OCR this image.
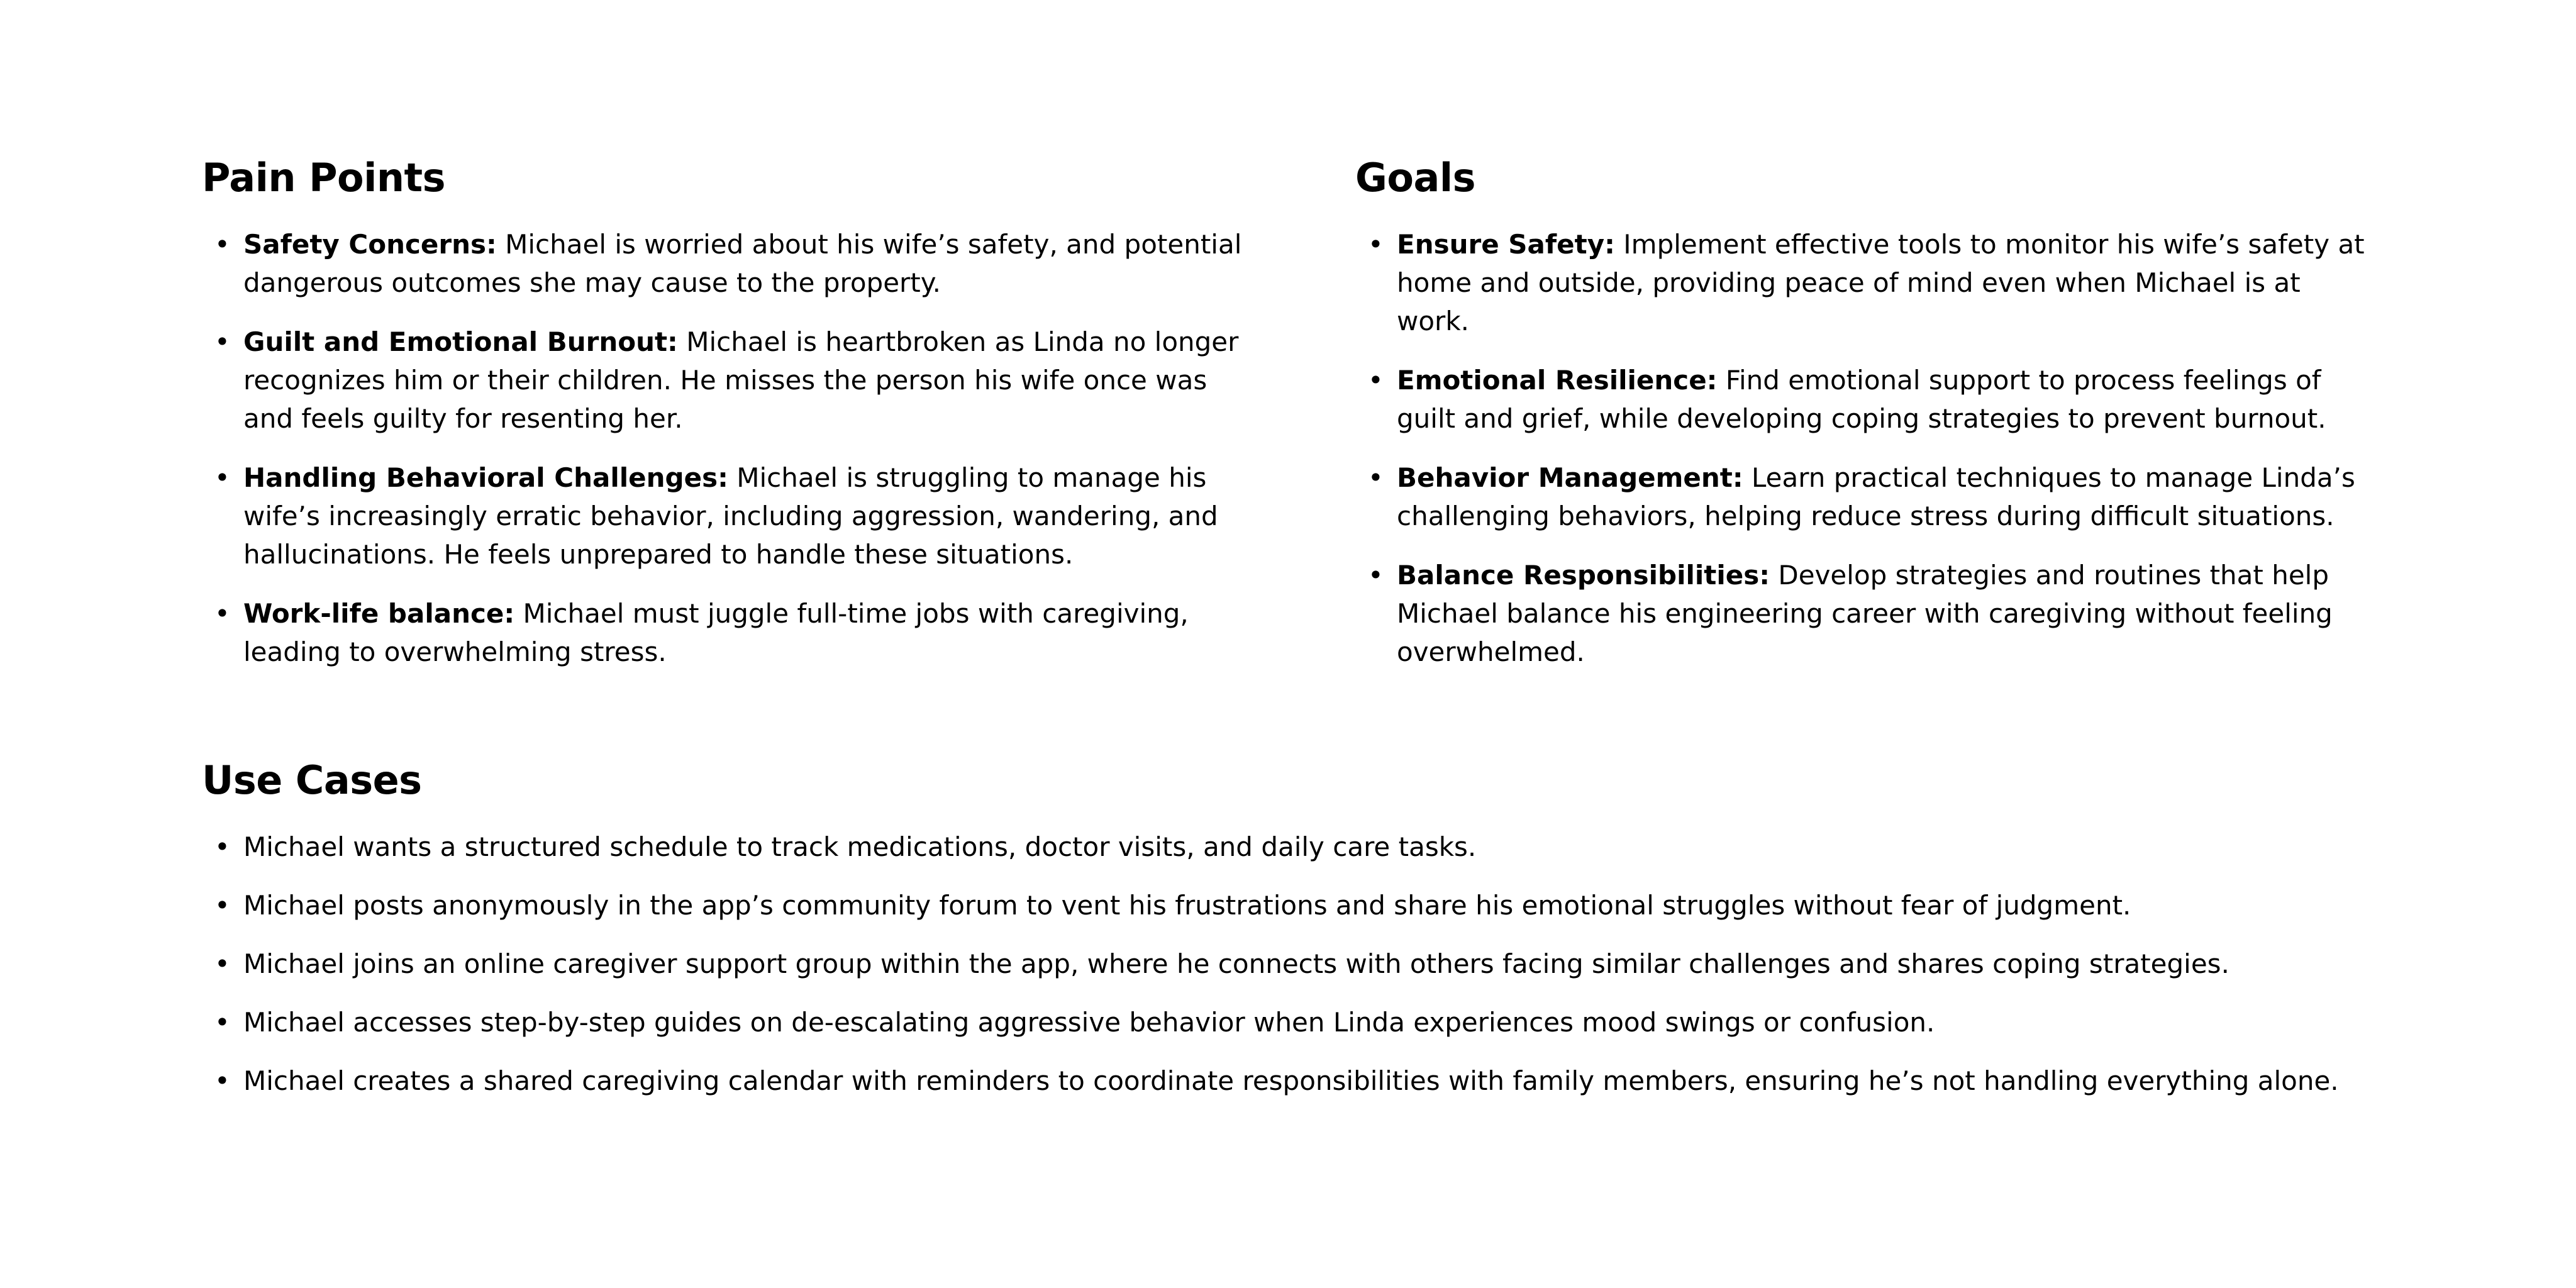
Pain Points
• Safety Concerns: Michael is worried about his wife’s safety, and potential dangerous outcomes she may cause to the property.
• Guilt and Emotional Burnout: Michael is heartbroken as Linda no longer recognizes him or their children. He misses the person his wife once was and feels guilty for resenting her.
• Handling Behavioral Challenges: Michael is struggling to manage his wife’s increasingly erratic behavior, including aggression, wandering, and hallucinations. He feels unprepared to handle these situations.
• Work-life balance: Michael must juggle full-time jobs with caregiving, leading to overwhelming stress.
Goals
• Ensure Safety: Implement effective tools to monitor his wife’s safety at home and outside, providing peace of mind even when Michael is at work.
• Emotional Resilience: Find emotional support to process feelings of guilt and grief, while developing coping strategies to prevent burnout.
• Behavior Management: Learn practical techniques to manage Linda’s challenging behaviors, helping reduce stress during difficult situations.
• Balance Responsibilities: Develop strategies and routines that help Michael balance his engineering career with caregiving without feeling overwhelmed.
Use Cases
• Michael wants a structured schedule to track medications, doctor visits, and daily care tasks.
• Michael posts anonymously in the app’s community forum to vent his frustrations and share his emotional struggles without fear of judgment.
• Michael joins an online caregiver support group within the app, where he connects with others facing similar challenges and shares coping strategies.
• Michael accesses step-by-step guides on de-escalating aggressive behavior when Linda experiences mood swings or confusion.
• Michael creates a shared caregiving calendar with reminders to coordinate responsibilities with family members, ensuring he’s not handling everything alone.
